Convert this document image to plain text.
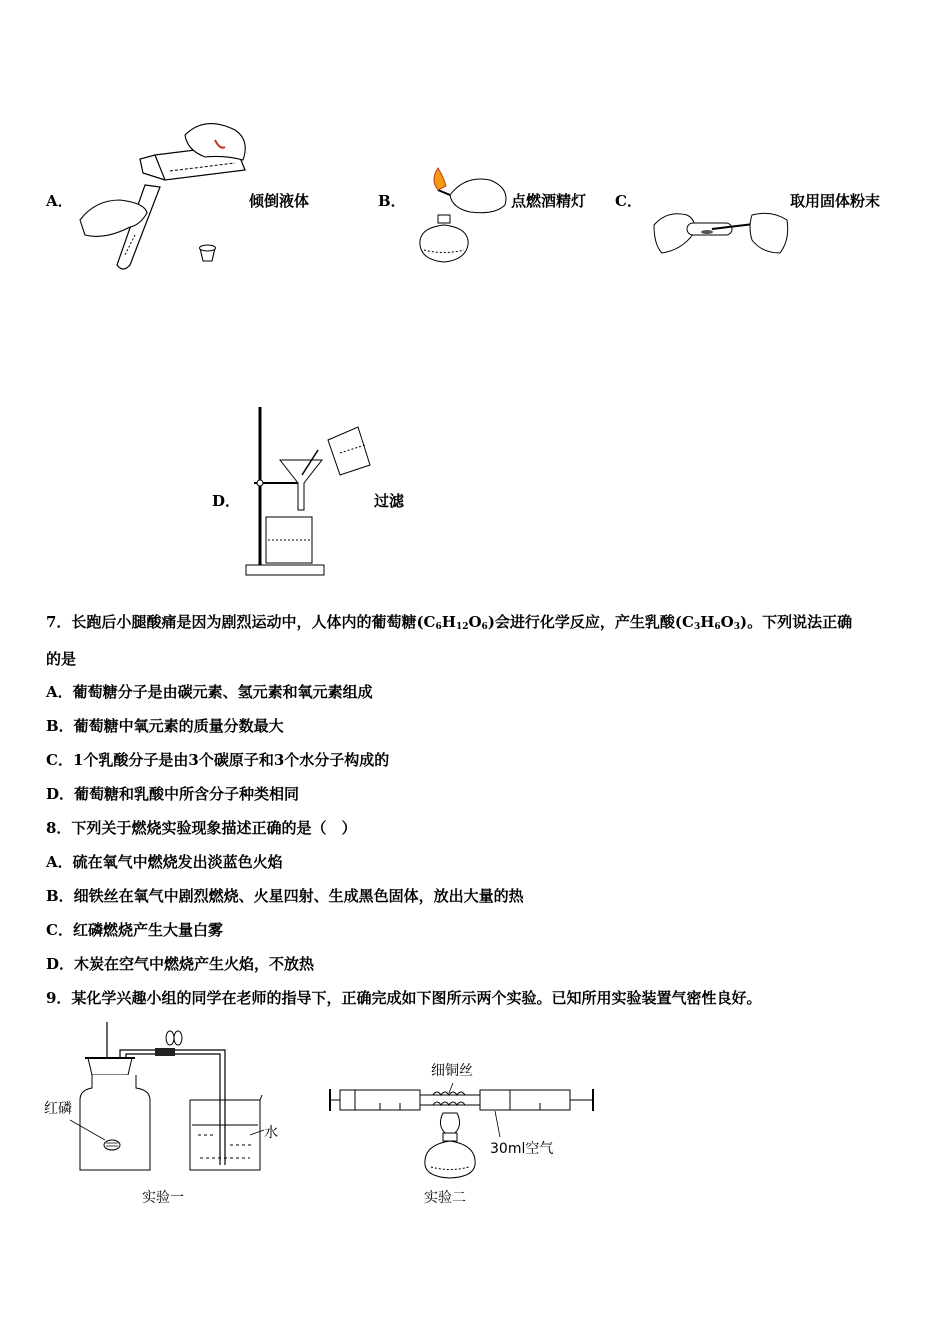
A．	倾倒液体	B．	点燃酒精灯 C．	取用固体粉末
D．	过滤
7．长跑后小腿酸痛是因为剧烈运动中，人体内的葡萄糖$(C_6H_{12}O_6)$会进行化学反应，产生乳酸$(C_3H_6O_3)$。下列说法正确
的是
A．葡萄糖分子是由碳元素、氢元素和氧元素组成
B．葡萄糖中氧元素的质量分数最大
C．1个乳酸分子是由3个碳原子和3个水分子构成的
D．葡萄糖和乳酸中所含分子种类相同
8．下列关于燃烧实验现象描述正确的是（　）
A．硫在氧气中燃烧发出淡蓝色火焰
B．细铁丝在氧气中剧烈燃烧、火星四射、生成黑色固体，放出大量的热
C．红磷燃烧产生大量白雾
D．木炭在空气中燃烧产生火焰，不放热
9．某化学兴趣小组的同学在老师的指导下，正确完成如下图所示两个实验。已知所用实验装置气密性良好。
红磷
水
实验一
细铜丝
30ml空气
实验二
